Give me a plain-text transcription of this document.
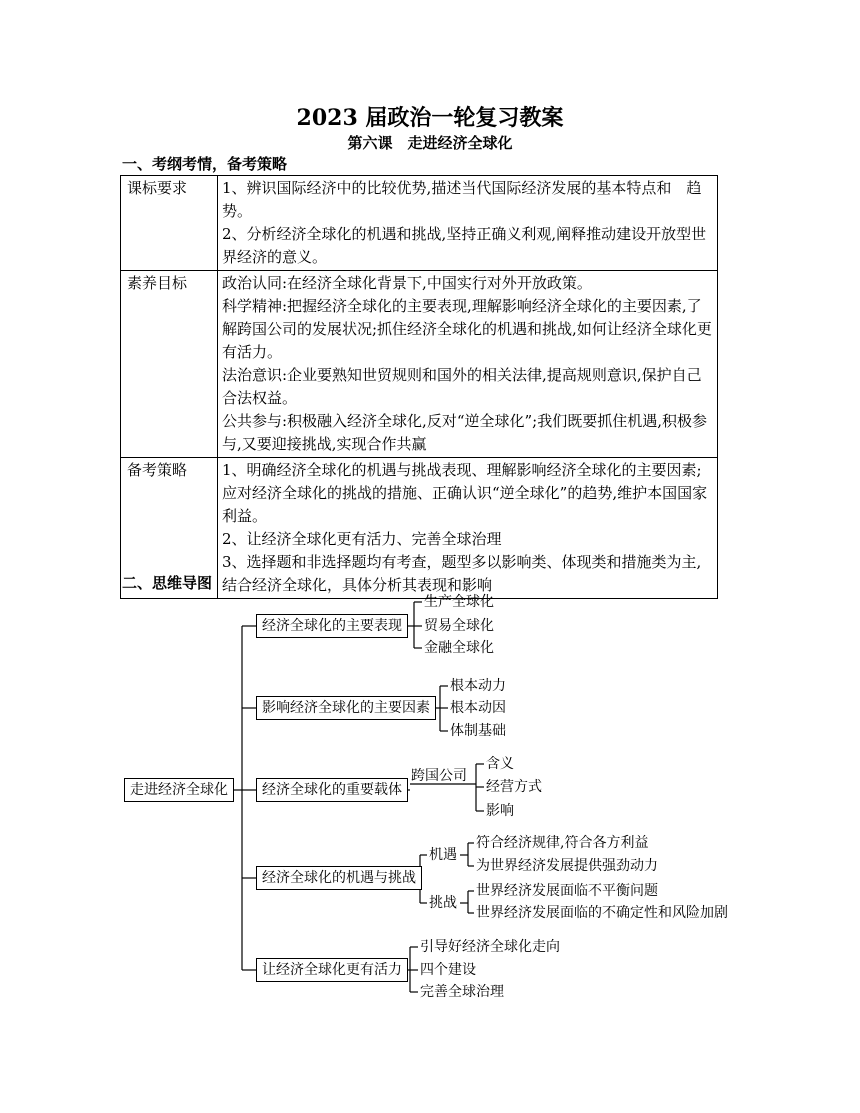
2023 届政治一轮复习教案
第六课　走进经济全球化
一、考纲考情，备考策略
课标要求	1、辨识国际经济中的比较优势,描述当代国际经济发展的基本特点和　趋势。
2、分析经济全球化的机遇和挑战,坚持正确义利观,阐释推动建设开放型世界经济的意义。

素养目标	政治认同:在经济全球化背景下,中国实行对外开放政策。
科学精神:把握经济全球化的主要表现,理解影响经济全球化的主要因素,了解跨国公司的发展状况;抓住经济全球化的机遇和挑战,如何让经济全球化更有活力。
法治意识:企业要熟知世贸规则和国外的相关法律,提高规则意识,保护自己合法权益。
公共参与:积极融入经济全球化,反对“逆全球化”;我们既要抓住机遇,积极参与,又要迎接挑战,实现合作共赢

备考策略	1、明确经济全球化的机遇与挑战表现、理解影响经济全球化的主要因素;应对经济全球化的挑战的措施、正确认识“逆全球化”的趋势,维护本国国家利益。
2、让经济全球化更有活力、完善全球治理
3、选择题和非选择题均有考查，题型多以影响类、体现类和措施类为主,结合经济全球化，具体分析其表现和影响
二、思维导图
走进经济全球化
经济全球化的主要表现
生产全球化
贸易全球化
金融全球化
影响经济全球化的主要因素
根本动力
根本动因
体制基础
经济全球化的重要载体
跨国公司
含义
经营方式
影响
经济全球化的机遇与挑战
机遇
符合经济规律,符合各方利益
为世界经济发展提供强劲动力
挑战
世界经济发展面临不平衡问题
世界经济发展面临的不确定性和风险加剧
让经济全球化更有活力
引导好经济全球化走向
四个建设
完善全球治理
